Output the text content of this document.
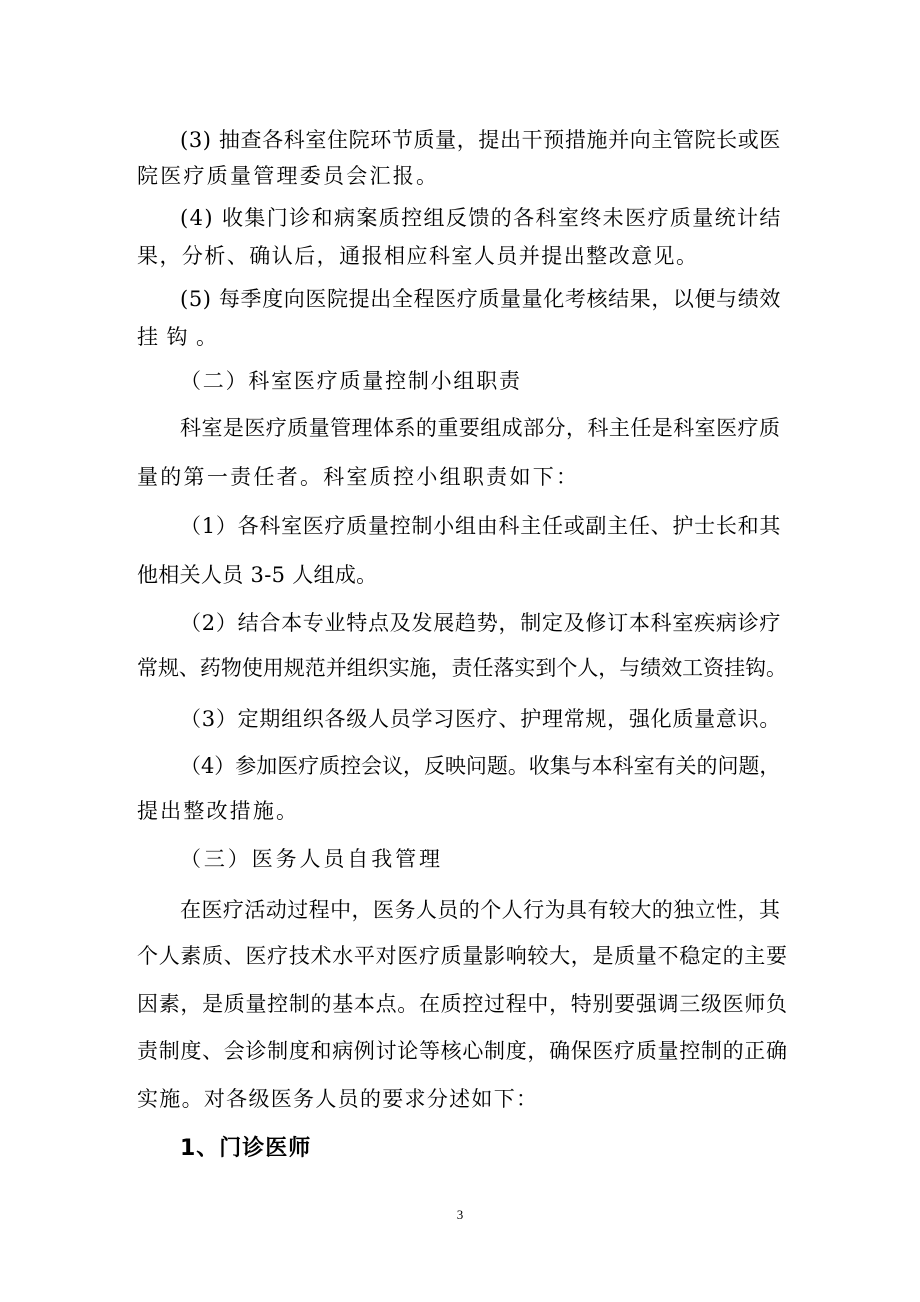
(3) 抽查各科室住院环节质量，提出干预措施并向主管院长或医
院医疗质量管理委员会汇报。
(4) 收集门诊和病案质控组反馈的各科室终未医疗质量统计结
果，分析、确认后，通报相应科室人员并提出整改意见。
(5) 每季度向医院提出全程医疗质量量化考核结果，以便与绩效
挂钩。
（二）科室医疗质量控制小组职责
科室是医疗质量管理体系的重要组成部分，科主任是科室医疗质
量的第一责任者。科室质控小组职责如下：
（1）各科室医疗质量控制小组由科主任或副主任、护士长和其
他相关人员 3-5 人组成。
（2）结合本专业特点及发展趋势，制定及修订本科室疾病诊疗
常规、药物使用规范并组织实施，责任落实到个人，与绩效工资挂钩。
（3）定期组织各级人员学习医疗、护理常规，强化质量意识。
（4）参加医疗质控会议，反映问题。收集与本科室有关的问题，
提出整改措施。
（三）医务人员自我管理
在医疗活动过程中，医务人员的个人行为具有较大的独立性，其
个人素质、医疗技术水平对医疗质量影响较大，是质量不稳定的主要
因素，是质量控制的基本点。在质控过程中，特别要强调三级医师负
责制度、会诊制度和病例讨论等核心制度，确保医疗质量控制的正确
实施。对各级医务人员的要求分述如下：
1、门诊医师
3
